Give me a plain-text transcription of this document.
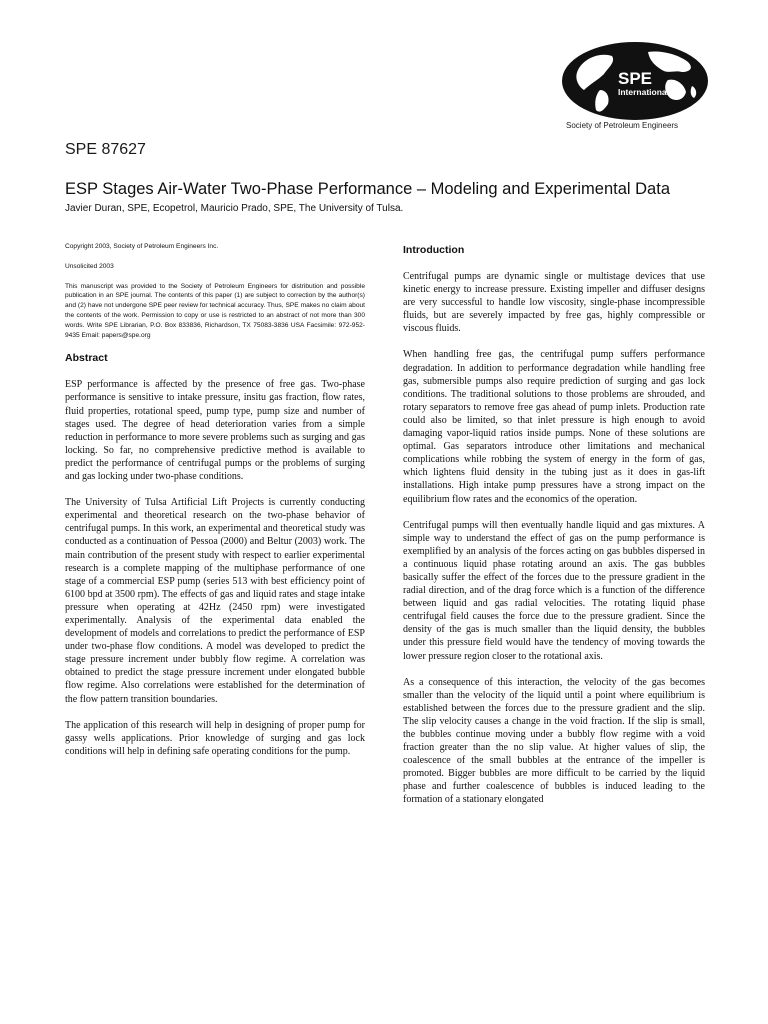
SPE
International
Society of Petroleum Engineers
SPE 87627
ESP Stages Air-Water Two-Phase Performance – Modeling and Experimental Data
Javier Duran, SPE, Ecopetrol, Mauricio Prado, SPE, The University of Tulsa.

Copyright 2003, Society of Petroleum Engineers Inc.

Unsolicited 2003

This manuscript was provided to the Society of Petroleum Engineers for distribution and possible publication in an SPE journal. The contents of this paper (1) are subject to correction by the author(s) and (2) have not undergone SPE peer review for technical accuracy. Thus, SPE makes no claim about the contents of the work. Permission to copy or use is restricted to an abstract of not more than 300 words. Write SPE Librarian, P.O. Box 833836, Richardson, TX 75083-3836 USA Facsimile: 972-952-9435 Email: papers@spe.org

Abstract

ESP performance is affected by the presence of free gas. Two-phase performance is sensitive to intake pressure, insitu gas fraction, flow rates, fluid properties, rotational speed, pump type, pump size and number of stages used. The degree of head deterioration varies from a simple reduction in performance to more severe problems such as surging and gas locking. So far, no comprehensive predictive method is available to predict the performance of centrifugal pumps or the problems of surging and gas locking under two-phase conditions.

The University of Tulsa Artificial Lift Projects is currently conducting experimental and theoretical research on the two-phase behavior of centrifugal pumps. In this work, an experimental and theoretical study was conducted as a continuation of Pessoa (2000) and Beltur (2003) work. The main contribution of the present study with respect to earlier experimental research is a complete mapping of the multiphase performance of one stage of a commercial ESP pump (series 513 with best efficiency point of 6100 bpd at 3500 rpm). The effects of gas and liquid rates and stage intake pressure when operating at 42Hz (2450 rpm) were investigated experimentally. Analysis of the experimental data enabled the development of models and correlations to predict the performance of ESP under two-phase flow conditions. A model was developed to predict the stage pressure increment under bubbly flow regime. A correlation was obtained to predict the stage pressure increment under elongated bubble flow regime. Also correlations were established for the determination of the flow pattern transition boundaries.

The application of this research will help in designing of proper pump for gassy wells applications. Prior knowledge of surging and gas lock conditions will help in defining safe operating conditions for the pump.

Introduction

Centrifugal pumps are dynamic single or multistage devices that use kinetic energy to increase pressure. Existing impeller and diffuser designs are very successful to handle low viscosity, single-phase incompressible fluids, but are severely impacted by free gas, highly compressible or viscous fluids.

When handling free gas, the centrifugal pump suffers performance degradation. In addition to performance degradation while handling free gas, submersible pumps also require prediction of surging and gas lock conditions. The traditional solutions to those problems are shrouded, and rotary separators to remove free gas ahead of pump inlets. Production rate could also be limited, so that inlet pressure is high enough to avoid damaging vapor-liquid ratios inside pumps. None of these solutions are optimal. Gas separators introduce other limitations and mechanical complications while robbing the system of energy in the form of gas, which lightens fluid density in the tubing just as it does in gas-lift installations. High intake pump pressures have a strong impact on the equilibrium flow rates and the economics of the operation.

Centrifugal pumps will then eventually handle liquid and gas mixtures. A simple way to understand the effect of gas on the pump performance is exemplified by an analysis of the forces acting on gas bubbles dispersed in a continuous liquid phase rotating around an axis. The gas bubbles basically suffer the effect of the forces due to the pressure gradient in the radial direction, and of the drag force which is a function of the difference between liquid and gas radial velocities. The rotating liquid phase centrifugal field causes the force due to the pressure gradient. Since the density of the gas is much smaller than the liquid density, the bubbles under this pressure field would have the tendency of moving towards the lower pressure region closer to the rotational axis.

As a consequence of this interaction, the velocity of the gas becomes smaller than the velocity of the liquid until a point where equilibrium is established between the forces due to the pressure gradient and the slip. The slip velocity causes a change in the void fraction. If the slip is small, the bubbles continue moving under a bubbly flow regime with a void fraction greater than the no slip value. At higher values of slip, the coalescence of the small bubbles at the entrance of the impeller is promoted. Bigger bubbles are more difficult to be carried by the liquid phase and further coalescence of bubbles is induced leading to the formation of a stationary elongated
